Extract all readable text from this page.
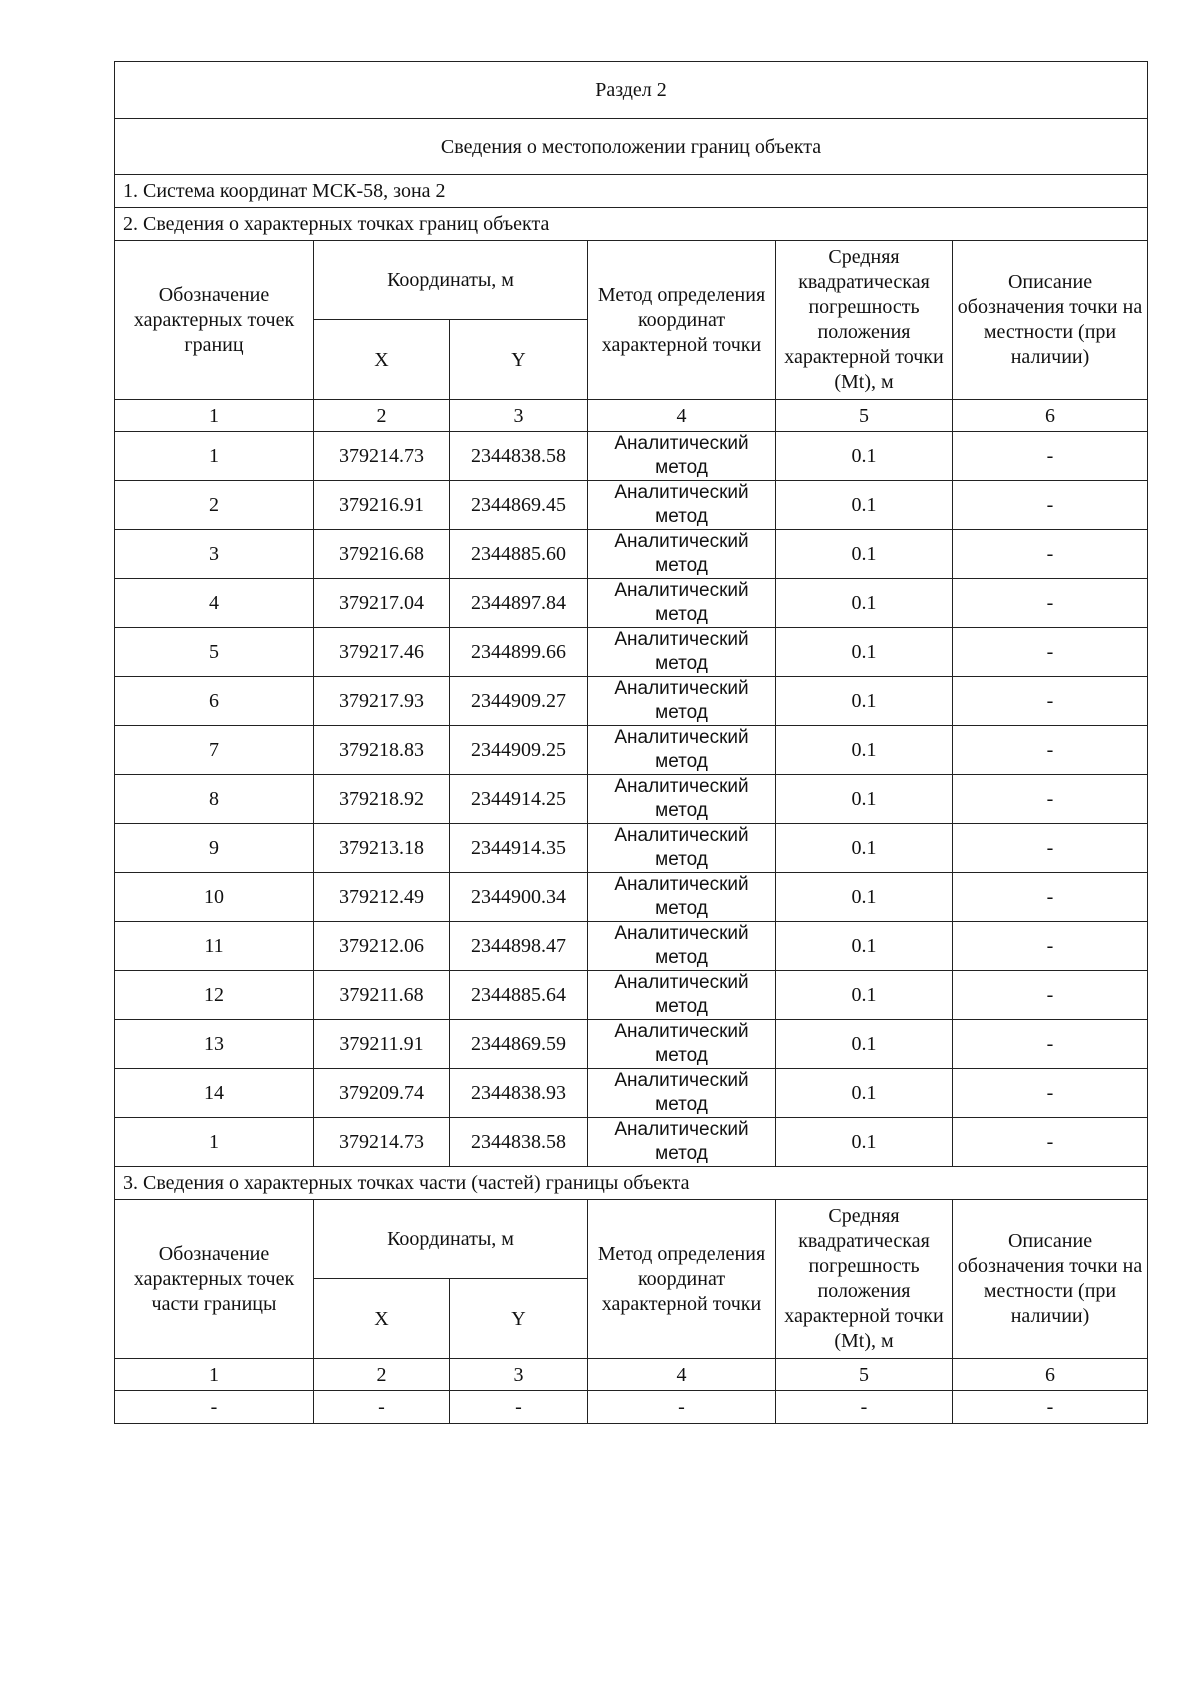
Раздел 2					
Сведения о местоположении границ объекта					
1. Система координат МСК-58, зона 2					
2. Сведения о характерных точках границ объекта					
Обозначение характерных точек границ	Координаты, м		Метод определения координат характерной точки	Средняя квадратическая погрешность положения характерной точки (Mt), м	Описание обозначения точки на местности (при наличии)
	X	Y			
1	2	3	4	5	6
1	379214.73	2344838.58	Аналитический метод	0.1	-
2	379216.91	2344869.45	Аналитический метод	0.1	-
3	379216.68	2344885.60	Аналитический метод	0.1	-
4	379217.04	2344897.84	Аналитический метод	0.1	-
5	379217.46	2344899.66	Аналитический метод	0.1	-
6	379217.93	2344909.27	Аналитический метод	0.1	-
7	379218.83	2344909.25	Аналитический метод	0.1	-
8	379218.92	2344914.25	Аналитический метод	0.1	-
9	379213.18	2344914.35	Аналитический метод	0.1	-
10	379212.49	2344900.34	Аналитический метод	0.1	-
11	379212.06	2344898.47	Аналитический метод	0.1	-
12	379211.68	2344885.64	Аналитический метод	0.1	-
13	379211.91	2344869.59	Аналитический метод	0.1	-
14	379209.74	2344838.93	Аналитический метод	0.1	-
1	379214.73	2344838.58	Аналитический метод	0.1	-
3. Сведения о характерных точках части (частей) границы объекта					
Обозначение характерных точек части границы	Координаты, м		Метод определения координат характерной точки	Средняя квадратическая погрешность положения характерной точки (Mt), м	Описание обозначения точки на местности (при наличии)
	X	Y			
1	2	3	4	5	6
-	-	-	-	-	-
